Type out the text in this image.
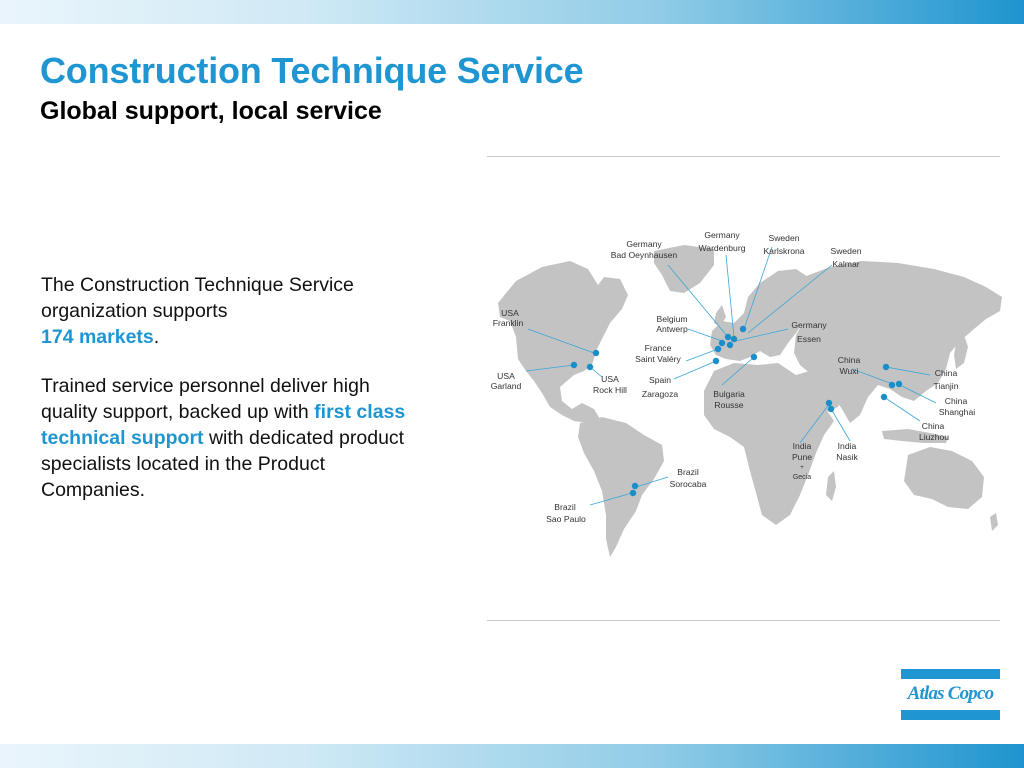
Construction Technique Service
Global support, local service

The Construction Technique Service organization supports
174 markets.

Trained service personnel deliver high quality support, backed up with first class technical support with dedicated product specialists located in the Product Companies.

USA Franklin
USA Garland
USA Rock Hill
Germany Bad Oeynhausen
Germany Wardenburg
Sweden Karlskrona	Sweden Kalmar
Belgium Antwerp	Germany Essen
France Saint Valéry
Spain Zaragoza	Bulgaria Rousse
China Wuxi	China Tianjin
China Shanghai
China Liuzhou
India Pune + Gecia
India Nasik
Brazil Sorocaba
Brazil Sao Paulo
Atlas Copco
